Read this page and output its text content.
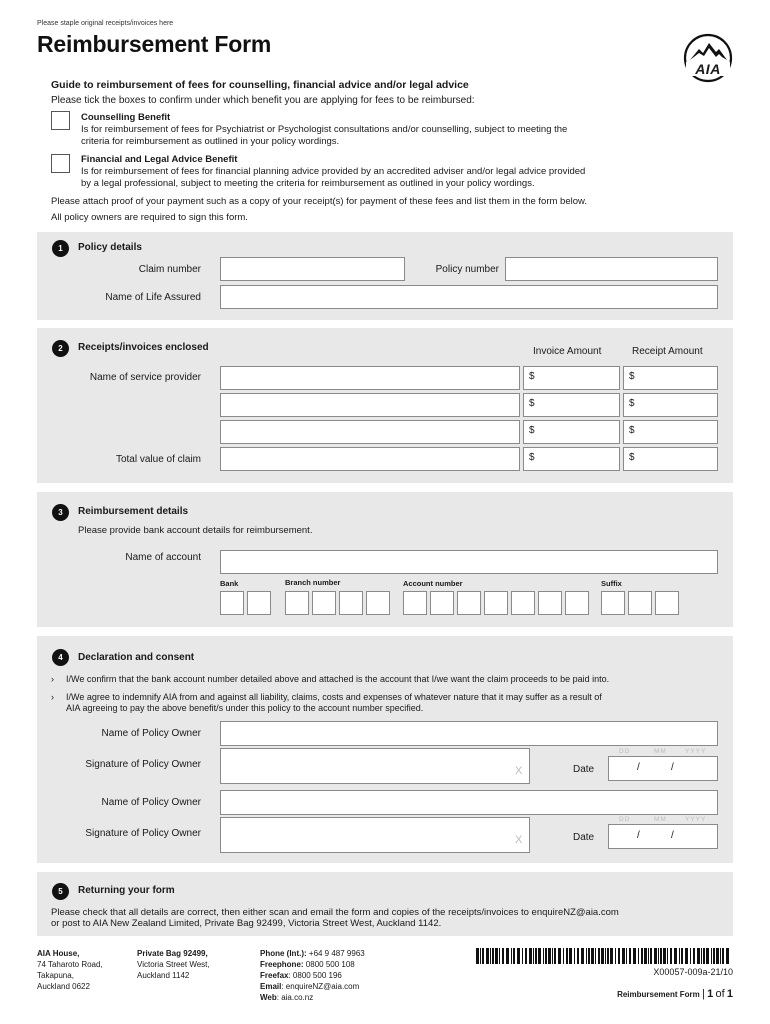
Please staple original receipts/invoices here
Reimbursement Form
AIA
Guide to reimbursement of fees for counselling, financial advice and/or legal advice
Please tick the boxes to confirm under which benefit you are applying for fees to be reimbursed:
Counselling Benefit
Is for reimbursement of fees for Psychiatrist or Psychologist consultations and/or counselling, subject to meeting the
criteria for reimbursement as outlined in your policy wordings.
Financial and Legal Advice Benefit
Is for reimbursement of fees for financial planning advice provided by an accredited adviser and/or legal advice provided
by a legal professional, subject to meeting the criteria for reimbursement as outlined in your policy wordings.
Please attach proof of your payment such as a copy of your receipt(s) for payment of these fees and list them in the form below.
All policy owners are required to sign this form.
1	Policy details
Claim number	Policy number
Name of Life Assured
2	Receipts/invoices enclosed	Invoice Amount	Receipt Amount
Name of service provider	$	$
$	$
$	$
Total value of claim	$	$
3	Reimbursement details
Please provide bank account details for reimbursement.
Name of account
Bank	Branch number	Account number	Suffix
4	Declaration and consent
› I/We confirm that the bank account number detailed above and attached is the account that I/we want the claim proceeds to be paid into.
› I/We agree to indemnify AIA from and against all liability, claims, costs and expenses of whatever nature that it may suffer as a result of
AIA agreeing to pay the above benefit/s under this policy to the account number specified.
Name of Policy Owner
Signature of Policy Owner
X
DD	MM	YYYY
Date	/	/
Name of Policy Owner
Signature of Policy Owner
X
DD	MM	YYYY
Date	/	/
5	Returning your form
Please check that all details are correct, then either scan and email the form and copies of the receipts/invoices to enquireNZ@aia.com
or post to AIA New Zealand Limited, Private Bag 92499, Victoria Street West, Auckland 1142.
AIA House,
74 Taharoto Road,
Takapuna,
Auckland 0622
Private Bag 92499,
Victoria Street West,
Auckland 1142
Phone (Int.): +64 9 487 9963
Freephone: 0800 500 108
Freefax: 0800 500 196
Email: enquireNZ@aia.com
Web: aia.co.nz
X00057-009a-21/10
Reimbursement Form | 1 of 1
